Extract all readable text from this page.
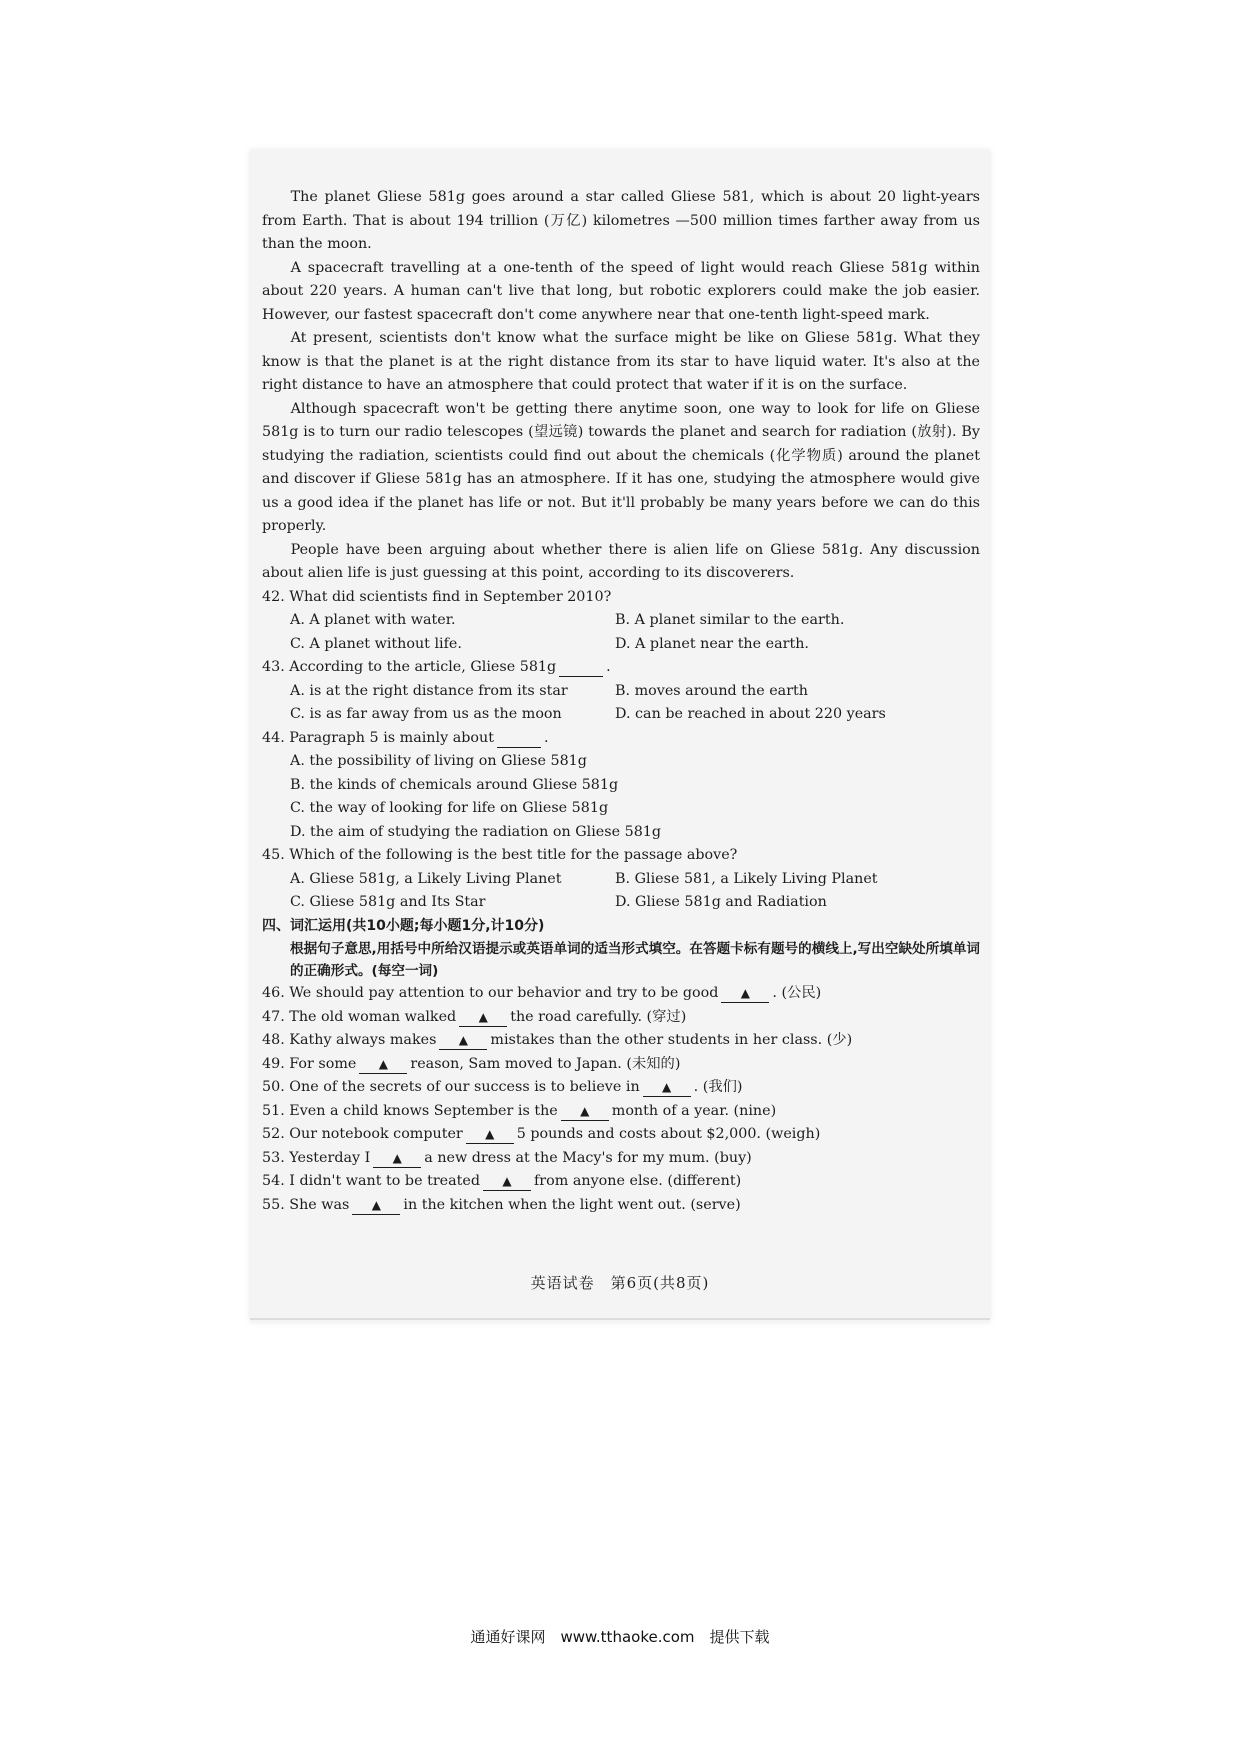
The planet Gliese 581g goes around a star called Gliese 581, which is about 20 light-years from Earth. That is about 194 trillion (万亿) kilometres —500 million times farther away from us than the moon.

A spacecraft travelling at a one-tenth of the speed of light would reach Gliese 581g within about 220 years. A human can't live that long, but robotic explorers could make the job easier. However, our fastest spacecraft don't come anywhere near that one-tenth light-speed mark.

At present, scientists don't know what the surface might be like on Gliese 581g. What they know is that the planet is at the right distance from its star to have liquid water. It's also at the right distance to have an atmosphere that could protect that water if it is on the surface.

Although spacecraft won't be getting there anytime soon, one way to look for life on Gliese 581g is to turn our radio telescopes (望远镜) towards the planet and search for radiation (放射). By studying the radiation, scientists could find out about the chemicals (化学物质) around the planet and discover if Gliese 581g has an atmosphere. If it has one, studying the atmosphere would give us a good idea if the planet has life or not. But it'll probably be many years before we can do this properly.

People have been arguing about whether there is alien life on Gliese 581g. Any discussion about alien life is just guessing at this point, according to its discoverers.

42. What did scientists find in September 2010?

A. A planet with water.	B. A planet similar to the earth.
C. A planet without life.	D. A planet near the earth.

43. According to the article, Gliese 581g	.

A. is at the right distance from its star	B. moves around the earth
C. is as far away from us as the moon	D. can be reached in about 220 years

44. Paragraph 5 is mainly about	.

A. the possibility of living on Gliese 581g
B. the kinds of chemicals around Gliese 581g
C. the way of looking for life on Gliese 581g
D. the aim of studying the radiation on Gliese 581g

45. Which of the following is the best title for the passage above?

A. Gliese 581g, a Likely Living Planet	B. Gliese 581, a Likely Living Planet
C. Gliese 581g and Its Star	D. Gliese 581g and Radiation

四、词汇运用(共10小题;每小题1分,计10分)

根据句子意思,用括号中所给汉语提示或英语单词的适当形式填空。在答题卡标有题号的横线上,写出空缺处所填单词的正确形式。(每空一词)

46. We should pay attention to our behavior and try to be good ▲ . (公民)

47. The old woman walked ▲ the road carefully. (穿过)

48. Kathy always makes ▲ mistakes than the other students in her class. (少)

49. For some ▲ reason, Sam moved to Japan. (未知的)

50. One of the secrets of our success is to believe in ▲ . (我们)

51. Even a child knows September is the ▲ month of a year. (nine)

52. Our notebook computer ▲ 5 pounds and costs about $2,000. (weigh)

53. Yesterday I ▲ a new dress at the Macy's for my mum. (buy)

54. I didn't want to be treated ▲ from anyone else. (different)

55. She was ▲ in the kitchen when the light went out. (serve)

英语试卷　第6页(共8页)
通通好课网　www.tthaoke.com　提供下载
